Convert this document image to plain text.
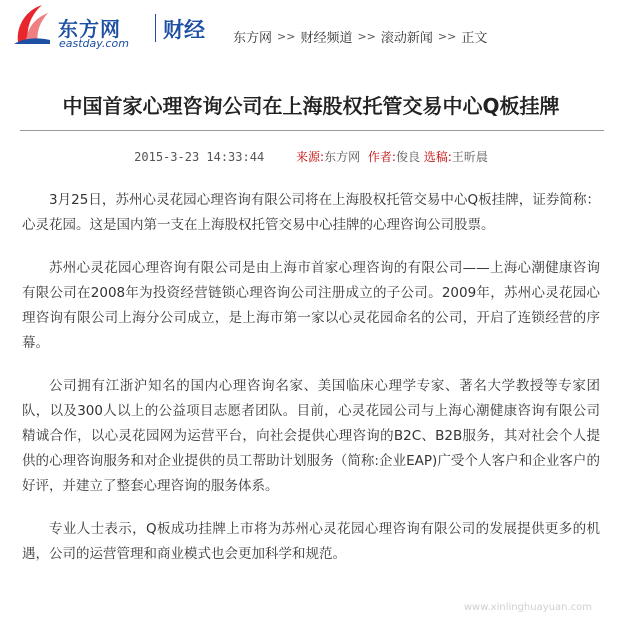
东方网
eastday.com
财经 东方网 >> 财经频道 >> 滚动新闻 >> 正文
中国首家心理咨询公司在上海股权托管交易中心Q板挂牌
2015-3-23 14:33:44	来源:东方网 作者:俊良 选稿:王昕晨

3月25日，苏州心灵花园心理咨询有限公司将在上海股权托管交易中心Q板挂牌，证券简称：心灵花园。这是国内第一支在上海股权托管交易中心挂牌的心理咨询公司股票。

苏州心灵花园心理咨询有限公司是由上海市首家心理咨询的有限公司——上海心潮健康咨询有限公司在2008年为投资经营链锁心理咨询公司注册成立的子公司。2009年，苏州心灵花园心理咨询有限公司上海分公司成立，是上海市第一家以心灵花园命名的公司，开启了连锁经营的序幕。

公司拥有江浙沪知名的国内心理咨询名家、美国临床心理学专家、著名大学教授等专家团队，以及300人以上的公益项目志愿者团队。目前，心灵花园公司与上海心潮健康咨询有限公司精诚合作，以心灵花园网为运营平台，向社会提供心理咨询的B2C、B2B服务，其对社会个人提供的心理咨询服务和对企业提供的员工帮助计划服务（简称:企业EAP)广受个人客户和企业客户的好评，并建立了整套心理咨询的服务体系。

专业人士表示，Q板成功挂牌上市将为苏州心灵花园心理咨询有限公司的发展提供更多的机遇，公司的运营管理和商业模式也会更加科学和规范。

www.xinlinghuayuan.com
